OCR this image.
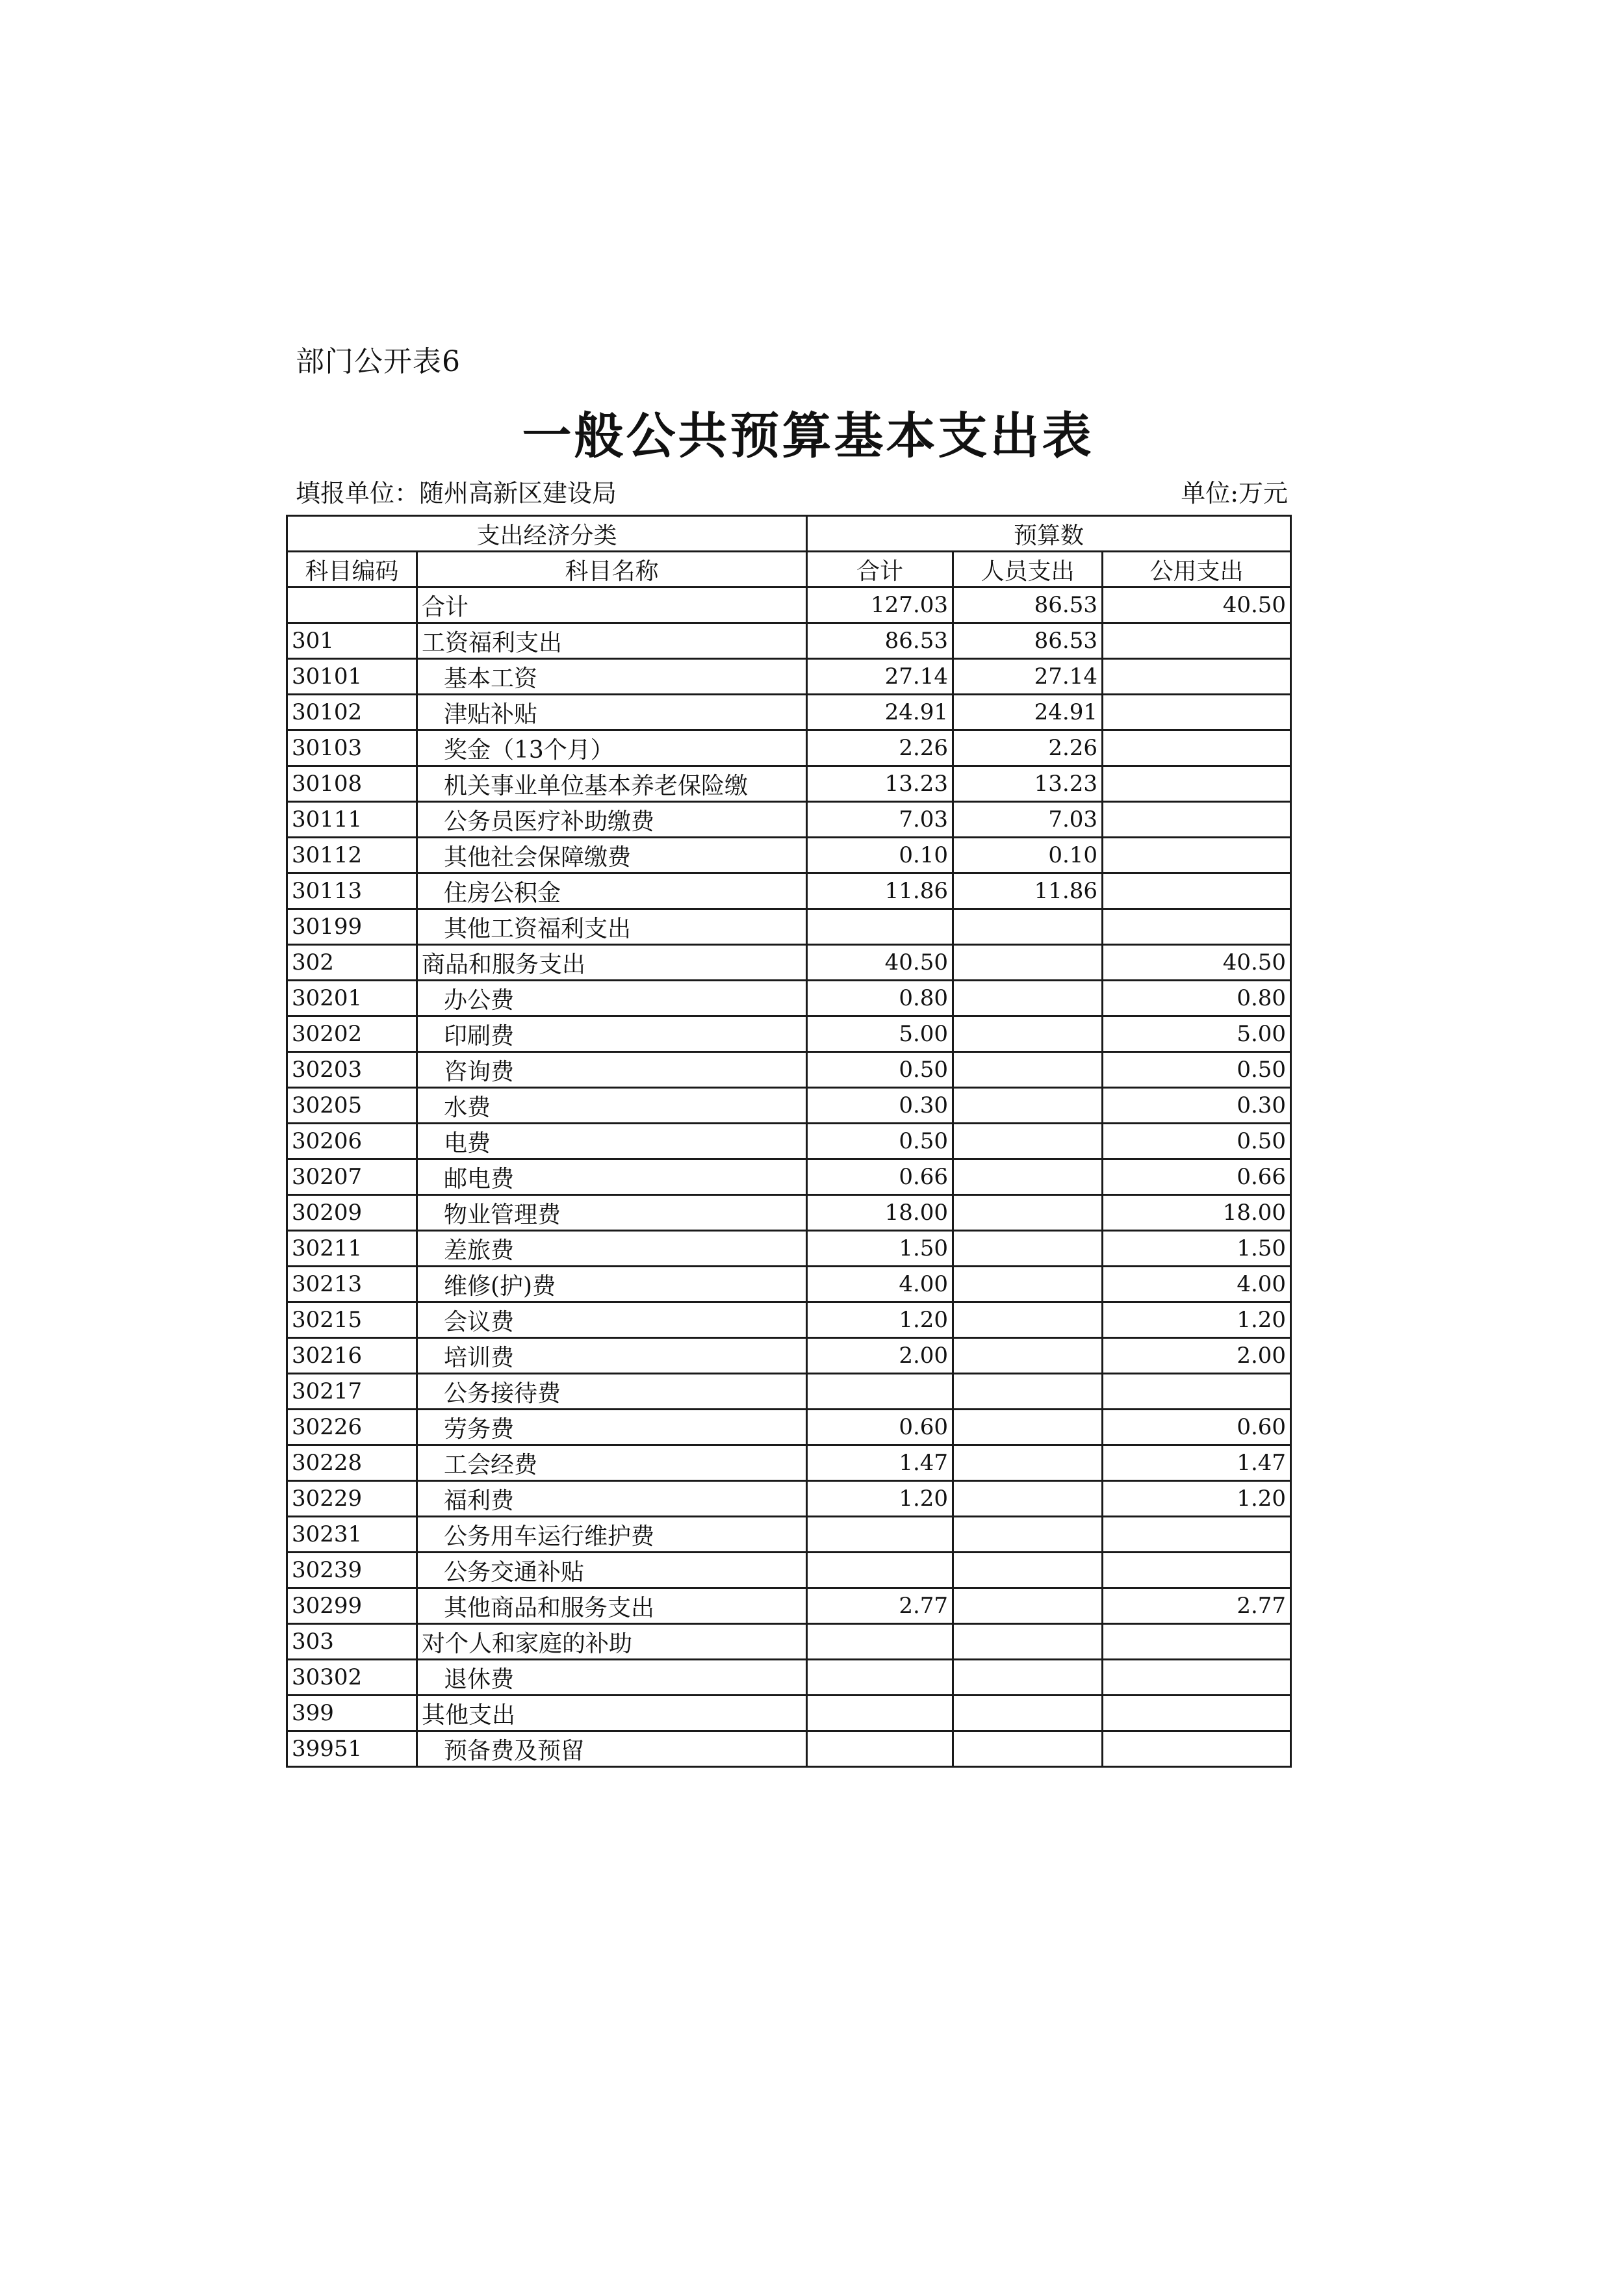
部门公开表6
一般公共预算基本支出表
填报单位：随州高新区建设局	单位:万元
支出经济分类		预算数		
科目编码	科目名称	合计	人员支出	公用支出
	合计	127.03	86.53	40.50
301	工资福利支出	86.53	86.53	
30101	基本工资	27.14	27.14	
30102	津贴补贴	24.91	24.91	
30103	奖金（13个月）	2.26	2.26	
30108	机关事业单位基本养老保险缴	13.23	13.23	
30111	公务员医疗补助缴费	7.03	7.03	
30112	其他社会保障缴费	0.10	0.10	
30113	住房公积金	11.86	11.86	
30199	其他工资福利支出			
302	商品和服务支出	40.50		40.50
30201	办公费	0.80		0.80
30202	印刷费	5.00		5.00
30203	咨询费	0.50		0.50
30205	水费	0.30		0.30
30206	电费	0.50		0.50
30207	邮电费	0.66		0.66
30209	物业管理费	18.00		18.00
30211	差旅费	1.50		1.50
30213	维修(护)费	4.00		4.00
30215	会议费	1.20		1.20
30216	培训费	2.00		2.00
30217	公务接待费			
30226	劳务费	0.60		0.60
30228	工会经费	1.47		1.47
30229	福利费	1.20		1.20
30231	公务用车运行维护费			
30239	公务交通补贴			
30299	其他商品和服务支出	2.77		2.77
303	对个人和家庭的补助			
30302	退休费			
399	其他支出			
39951	预备费及预留			
